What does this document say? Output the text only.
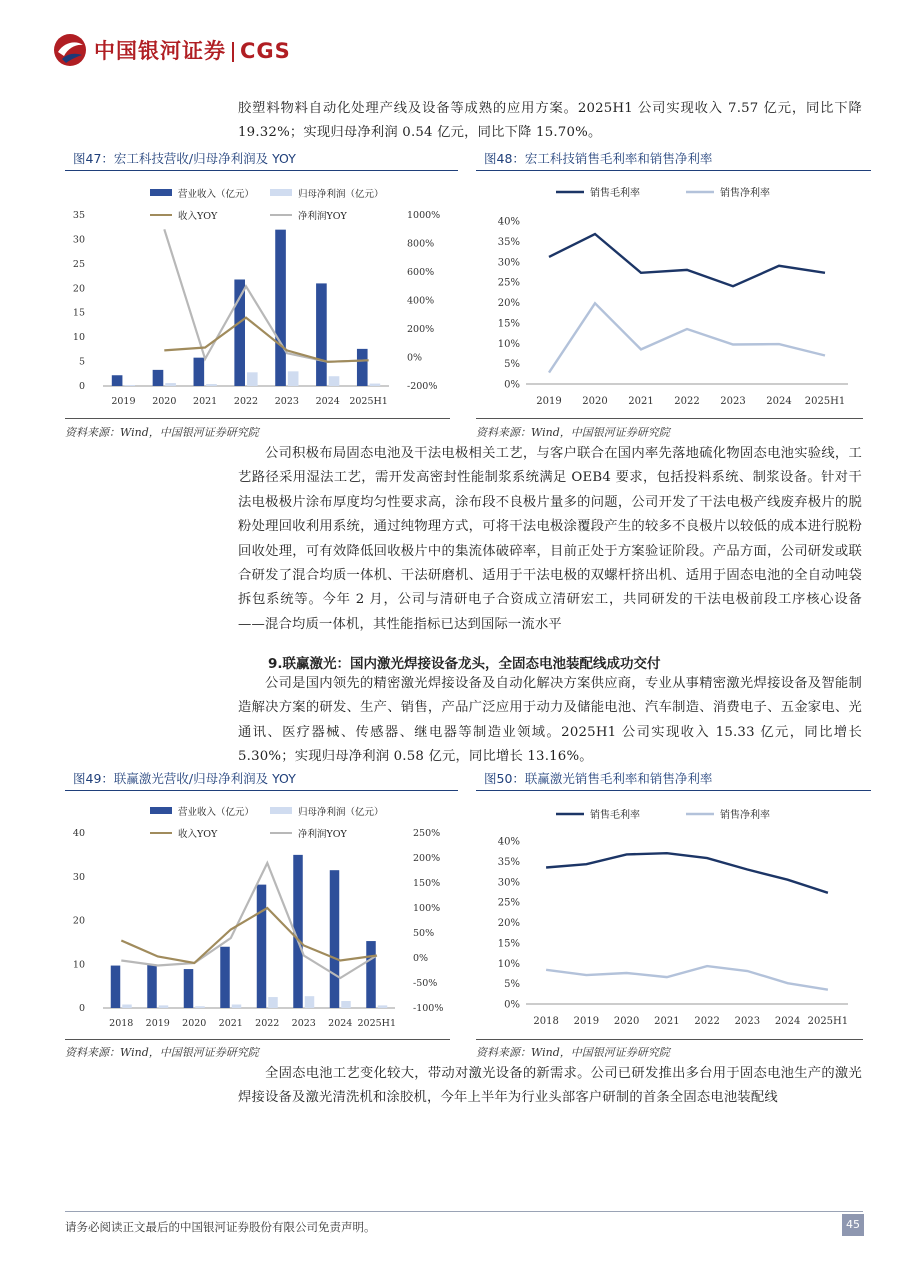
中国银河证券 CGS

胶塑料物料自动化处理产线及设备等成熟的应用方案。2025H1 公司实现收入 7.57 亿元，同比下降 19.32%；实现归母净利润 0.54 亿元，同比下降 15.70%。

图47：宏工科技营收/归母净利润及 YOY	图48：宏工科技销售毛利率和销售净利率
营业收入（亿元）	归母净利润（亿元）
收入YOY	净利润YOY
0
5
10
15
20
25
30
35
-200%
0%
200%
400%
600%
800%
1000%
2019 2020 2021 2022 2023 2024 2025H1
销售毛利率	销售净利率
0%
5%
10%
15%
20%
25%
30%
35%
40%
2019 2020 2021 2022 2023 2024 2025H1
资料来源：Wind，中国银河证券研究院	资料来源：Wind，中国银河证券研究院

公司积极布局固态电池及干法电极相关工艺，与客户联合在国内率先落地硫化物固态电池实验线，工艺路径采用湿法工艺，需开发高密封性能制浆系统满足 OEB4 要求，包括投料系统、制浆设备。针对干法电极极片涂布厚度均匀性要求高，涂布段不良极片量多的问题，公司开发了干法电极产线废弃极片的脱粉处理回收利用系统，通过纯物理方式，可将干法电极涂覆段产生的较多不良极片以较低的成本进行脱粉回收处理，可有效降低回收极片中的集流体破碎率，目前正处于方案验证阶段。产品方面，公司研发或联合研发了混合均质一体机、干法研磨机、适用于干法电极的双螺杆挤出机、适用于固态电池的全自动吨袋拆包系统等。今年 2 月，公司与清研电子合资成立清研宏工，共同研发的干法电极前段工序核心设备——混合均质一体机，其性能指标已达到国际一流水平

9.联赢激光：国内激光焊接设备龙头，全固态电池装配线成功交付

公司是国内领先的精密激光焊接设备及自动化解决方案供应商，专业从事精密激光焊接设备及智能制造解决方案的研发、生产、销售，产品广泛应用于动力及储能电池、汽车制造、消费电子、五金家电、光通讯、医疗器械、传感器、继电器等制造业领域。2025H1 公司实现收入 15.33 亿元，同比增长 5.30%；实现归母净利润 0.58 亿元，同比增长 13.16%。

图49：联赢激光营收/归母净利润及 YOY	图50：联赢激光销售毛利率和销售净利率
营业收入（亿元）	归母净利润（亿元）
收入YOY	净利润YOY
0
10
20
30
40
-100%
-50%
0%
50%
100%
150%
200%
250%
2018 2019 2020 2021 2022 2023 2024 2025H1
销售毛利率	销售净利率
0%
5%
10%
15%
20%
25%
30%
35%
40%
2018 2019 2020 2021 2022 2023 2024 2025H1
资料来源：Wind，中国银河证券研究院	资料来源：Wind，中国银河证券研究院

全固态电池工艺变化较大，带动对激光设备的新需求。公司已研发推出多台用于固态电池生产的激光焊接设备及激光清洗机和涂胶机，今年上半年为行业头部客户研制的首条全固态电池装配线

请务必阅读正文最后的中国银河证券股份有限公司免责声明。	45
